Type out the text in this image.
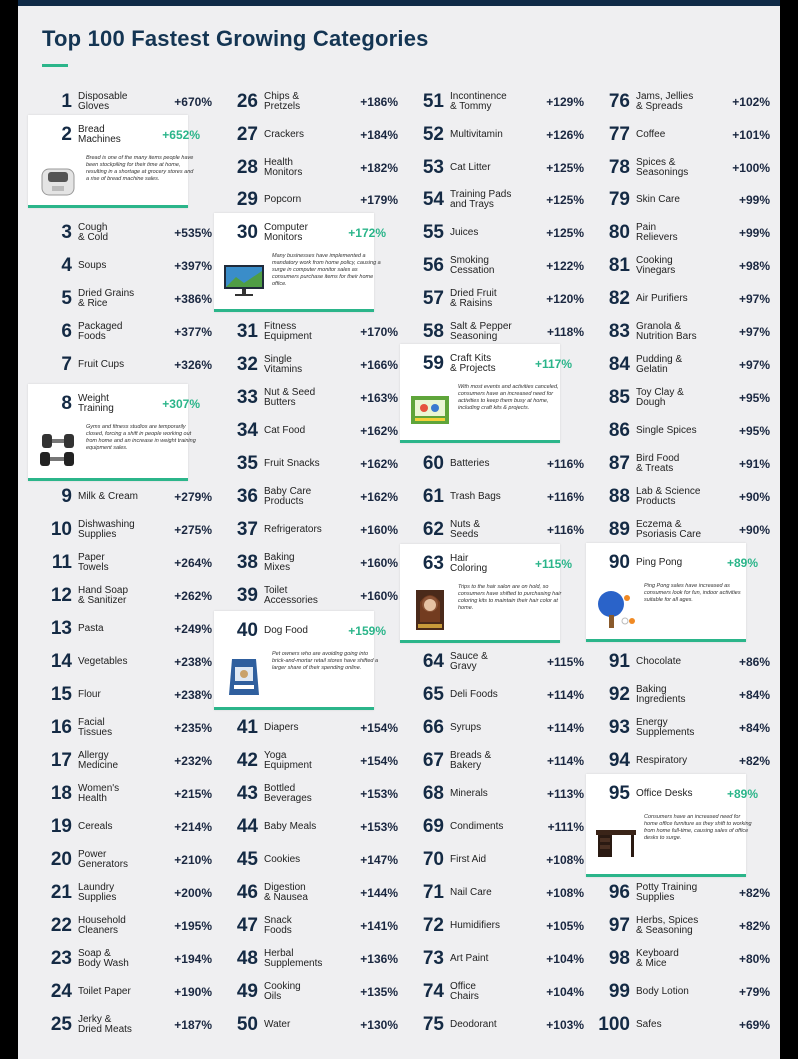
Top 100 Fastest Growing Categories
1 Disposable
Gloves	+670%
2 Bread
Machines	+652%
Bread is one of the many items people have been stockpiling for their time at home, resulting in a shortage at grocery stores and a rise of bread machine sales.
3 Cough
& Cold	+535%
4 Soups	+397%
5 Dried Grains
& Rice	+386%
6 Packaged
Foods	+377%
7 Fruit Cups	+326%
8 Weight
Training	+307%
Gyms and fitness studios are temporarily closed, forcing a shift in people working out from home and an increase in weight training equipment sales.
9 Milk & Cream	+279%
10 Dishwashing
Supplies	+275%
11 Paper
Towels	+264%
12 Hand Soap
& Sanitizer	+262%
13 Pasta	+249%
14 Vegetables	+238%
15 Flour	+238%
16 Facial
Tissues	+235%
17 Allergy
Medicine	+232%
18 Women's
Health	+215%
19 Cereals	+214%
20 Power
Generators	+210%
21 Laundry
Supplies	+200%
22 Household
Cleaners	+195%
23 Soap &
Body Wash	+194%
24 Toilet Paper	+190%
25 Jerky &
Dried Meats	+187%
26 Chips &
Pretzels	+186%
27 Crackers	+184%
28 Health
Monitors	+182%
29 Popcorn	+179%
30 Computer
Monitors	+172%
Many businesses have implemented a mandatory work from home policy, causing a surge in computer monitor sales as consumers purchase items for their home office.
31 Fitness
Equipment	+170%
32 Single
Vitamins	+166%
33 Nut & Seed
Butters	+163%
34 Cat Food	+162%
35 Fruit Snacks	+162%
36 Baby Care
Products	+162%
37 Refrigerators	+160%
38 Baking
Mixes	+160%
39 Toilet
Accessories	+160%
40 Dog Food	+159%
Pet owners who are avoiding going into brick-and-mortar retail stores have shifted a larger share of their spending online.
41 Diapers	+154%
42 Yoga
Equipment	+154%
43 Bottled
Beverages	+153%
44 Baby Meals	+153%
45 Cookies	+147%
46 Digestion
& Nausea	+144%
47 Snack
Foods	+141%
48 Herbal
Supplements	+136%
49 Cooking
Oils	+135%
50 Water	+130%
51 Incontinence
& Tommy	+129%
52 Multivitamin	+126%
53 Cat Litter	+125%
54 Training Pads
and Trays	+125%
55 Juices	+125%
56 Smoking
Cessation	+122%
57 Dried Fruit
& Raisins	+120%
58 Salt & Pepper
Seasoning	+118%
59 Craft Kits
& Projects	+117%
With most events and activities canceled, consumers have an increased need for activities to keep them busy at home, including craft kits & projects.
60 Batteries	+116%
61 Trash Bags	+116%
62 Nuts &
Seeds	+116%
63 Hair
Coloring	+115%
Trips to the hair salon are on hold, so consumers have shifted to purchasing hair coloring kits to maintain their hair color at home.
64 Sauce &
Gravy	+115%
65 Deli Foods	+114%
66 Syrups	+114%
67 Breads &
Bakery	+114%
68 Minerals	+113%
69 Condiments	+111%
70 First Aid	+108%
71 Nail Care	+108%
72 Humidifiers	+105%
73 Art Paint	+104%
74 Office
Chairs	+104%
75 Deodorant	+103%
76 Jams, Jellies
& Spreads	+102%
77 Coffee	+101%
78 Spices &
Seasonings	+100%
79 Skin Care	+99%
80 Pain
Relievers	+99%
81 Cooking
Vinegars	+98%
82 Air Purifiers	+97%
83 Granola &
Nutrition Bars	+97%
84 Pudding &
Gelatin	+97%
85 Toy Clay &
Dough	+95%
86 Single Spices	+95%
87 Bird Food
& Treats	+91%
88 Lab & Science
Products	+90%
89 Eczema &
Psoriasis Care	+90%
90 Ping Pong	+89%
Ping Pong sales have increased as consumers look for fun, indoor activities suitable for all ages.
91 Chocolate	+86%
92 Baking
Ingredients	+84%
93 Energy
Supplements	+84%
94 Respiratory	+82%
95 Office Desks	+89%
Consumers have an increased need for home office furniture as they shift to working from home full-time, causing sales of office desks to surge.
96 Potty Training
Supplies	+82%
97 Herbs, Spices
& Seasoning	+82%
98 Keyboard
& Mice	+80%
99 Body Lotion	+79%
100 Safes	+69%
